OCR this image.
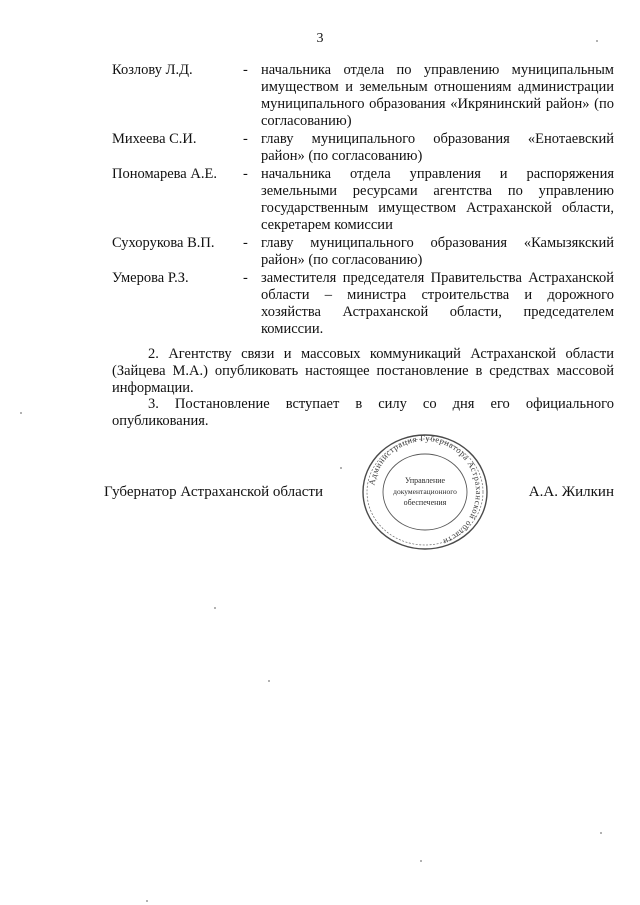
3
Козлову Л.Д.	- начальника отдела по управлению муниципальным имуществом и земельным отношениям администрации муниципального образования «Икрянинский район» (по согласованию)
Михеева С.И.	- главу муниципального образования «Енотаевский район» (по согласованию)
Пономарева А.Е.	- начальника отдела управления и распоряжения земельными ресурсами агентства по управлению государственным имуществом Астраханской области, секретарем комиссии
Сухорукова В.П.	- главу муниципального образования «Камызякский район» (по согласованию)
Умерова Р.З.	- заместителя председателя Правительства Астраханской области – министра строительства и дорожного хозяйства Астраханской области, председателем комиссии.
2. Агентству связи и массовых коммуникаций Астраханской области (Зайцева М.А.) опубликовать настоящее постановление в средствах массовой информации.
3. Постановление вступает в силу со дня его официального опубликования.
Администрация Губернатора Астраханской области
Управление
документационного
обеспечения
Губернатор Астраханской области	А.А. Жилкин
